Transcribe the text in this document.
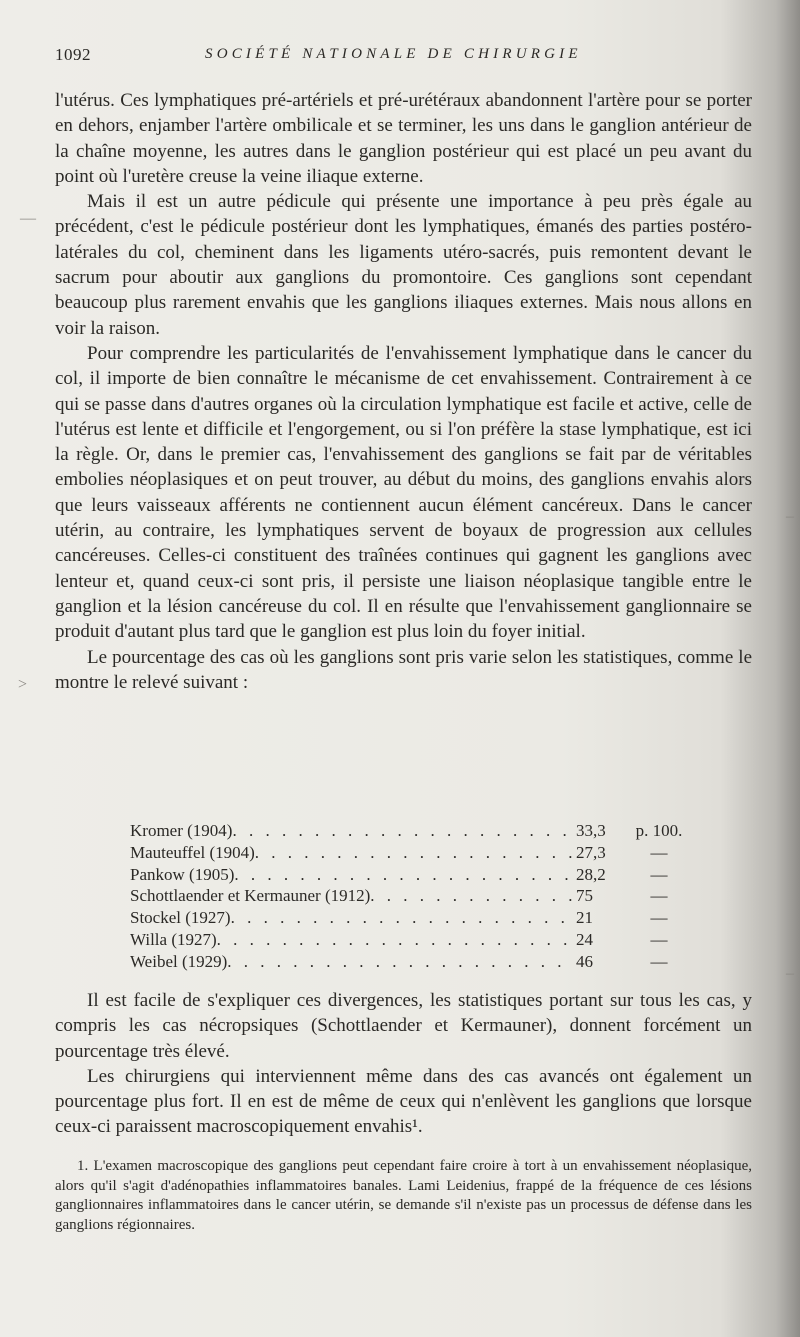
1092	SOCIÉTÉ NATIONALE DE CHIRURGIE

l'utérus. Ces lymphatiques pré-artériels et pré-urétéraux abandonnent l'artère pour se porter en dehors, enjamber l'artère ombilicale et se terminer, les uns dans le ganglion antérieur de la chaîne moyenne, les autres dans le ganglion postérieur qui est placé un peu avant du point où l'uretère creuse la veine iliaque externe.

Mais il est un autre pédicule qui présente une importance à peu près égale au précédent, c'est le pédicule postérieur dont les lymphatiques, émanés des parties postéro-latérales du col, cheminent dans les ligaments utéro-sacrés, puis remontent devant le sacrum pour aboutir aux ganglions du promontoire. Ces ganglions sont cependant beaucoup plus rarement envahis que les ganglions iliaques externes. Mais nous allons en voir la raison.

Pour comprendre les particularités de l'envahissement lymphatique dans le cancer du col, il importe de bien connaître le mécanisme de cet envahissement. Contrairement à ce qui se passe dans d'autres organes où la circulation lymphatique est facile et active, celle de l'utérus est lente et difficile et l'engorgement, ou si l'on préfère la stase lymphatique, est ici la règle. Or, dans le premier cas, l'envahissement des ganglions se fait par de véritables embolies néoplasiques et on peut trouver, au début du moins, des ganglions envahis alors que leurs vaisseaux afférents ne contiennent aucun élément cancéreux. Dans le cancer utérin, au contraire, les lymphatiques servent de boyaux de progression aux cellules cancéreuses. Celles-ci constituent des traînées continues qui gagnent les ganglions avec lenteur et, quand ceux-ci sont pris, il persiste une liaison néoplasique tangible entre le ganglion et la lésion cancéreuse du col. Il en résulte que l'envahissement ganglionnaire se produit d'autant plus tard que le ganglion est plus loin du foyer initial.

Le pourcentage des cas où les ganglions sont pris varie selon les statistiques, comme le montre le relevé suivant :

Kromer (1904) . . .	33,3	p. 100.
Mauteuffel (1904) . . .	27,3	—
Pankow (1905) . . .	28,2	—
Schottlaender et Kermauner (1912) . . .	75	—
Stockel (1927) . . .	21	—
Willa (1927) . . .	24	—
Weibel (1929) . . .	46	—

Il est facile de s'expliquer ces divergences, les statistiques portant sur tous les cas, y compris les cas nécropsiques (Schottlaender et Kermauner), donnent forcément un pourcentage très élevé.

Les chirurgiens qui interviennent même dans des cas avancés ont également un pourcentage plus fort. Il en est de même de ceux qui n'enlèvent les ganglions que lorsque ceux-ci paraissent macroscopiquement envahis¹.

1. L'examen macroscopique des ganglions peut cependant faire croire à tort à un envahissement néoplasique, alors qu'il s'agit d'adénopathies inflammatoires banales. Lami Leidenius, frappé de la fréquence de ces lésions ganglionnaires inflammatoires dans le cancer utérin, se demande s'il n'existe pas un processus de défense dans les ganglions régionnaires.

—
>
–
–
